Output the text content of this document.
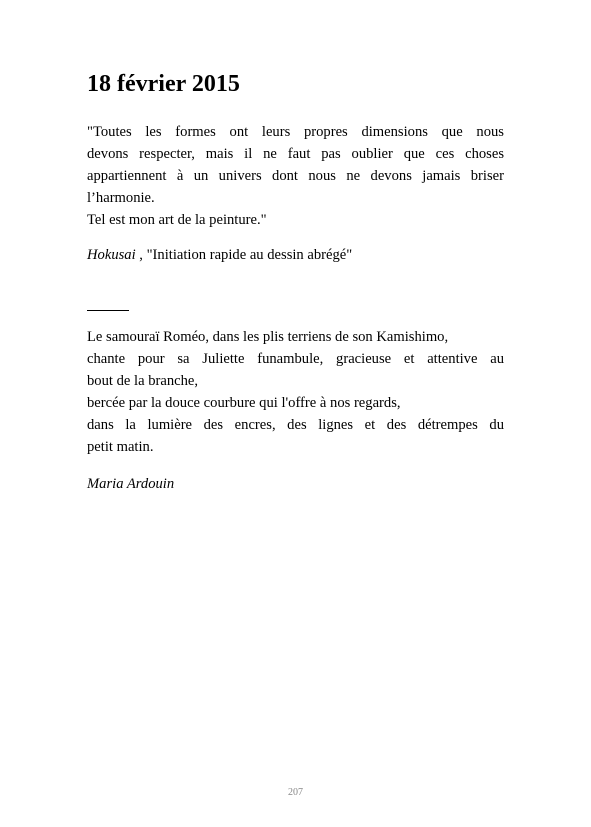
18 février 2015
"Toutes les formes ont leurs propres dimensions que nous
devons respecter, mais il ne faut pas oublier que ces choses
appartiennent à un univers dont nous ne devons jamais briser
l’harmonie.
Tel est mon art de la peinture."
Hokusai , "Initiation rapide au dessin abrégé"
Le samouraï Roméo, dans les plis terriens de son Kamishimo,
chante pour sa Juliette funambule, gracieuse et attentive au
bout de la branche,
bercée par la douce courbure qui l'offre à nos regards,
dans la lumière des encres, des lignes et des détrempes du
petit matin.
Maria Ardouin
207
